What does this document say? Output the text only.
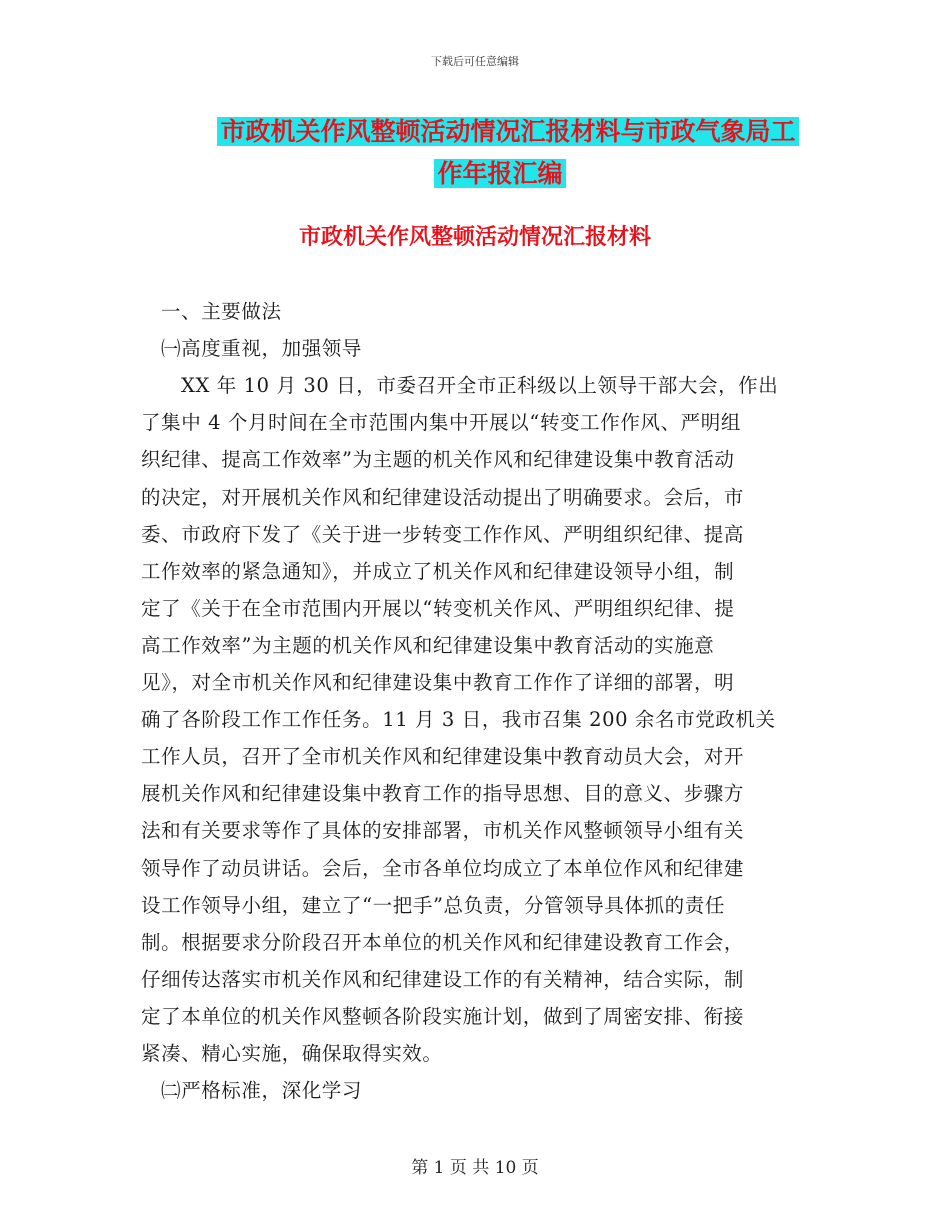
下载后可任意编辑
市政机关作风整顿活动情况汇报材料与市政气象局工
作年报汇编
市政机关作风整顿活动情况汇报材料
一、主要做法
㈠高度重视，加强领导
XX 年 10 月 30 日，市委召开全市正科级以上领导干部大会，作出
了集中 4 个月时间在全市范围内集中开展以“转变工作作风、严明组
织纪律、提高工作效率”为主题的机关作风和纪律建设集中教育活动
的决定，对开展机关作风和纪律建设活动提出了明确要求。会后，市
委、市政府下发了《关于进一步转变工作作风、严明组织纪律、提高
工作效率的紧急通知》，并成立了机关作风和纪律建设领导小组，制
定了《关于在全市范围内开展以“转变机关作风、严明组织纪律、提
高工作效率”为主题的机关作风和纪律建设集中教育活动的实施意
见》，对全市机关作风和纪律建设集中教育工作作了详细的部署，明
确了各阶段工作工作任务。11 月 3 日，我市召集 200 余名市党政机关
工作人员，召开了全市机关作风和纪律建设集中教育动员大会，对开
展机关作风和纪律建设集中教育工作的指导思想、目的意义、步骤方
法和有关要求等作了具体的安排部署，市机关作风整顿领导小组有关
领导作了动员讲话。会后，全市各单位均成立了本单位作风和纪律建
设工作领导小组，建立了“一把手”总负责，分管领导具体抓的责任
制。根据要求分阶段召开本单位的机关作风和纪律建设教育工作会，
仔细传达落实市机关作风和纪律建设工作的有关精神，结合实际，制
定了本单位的机关作风整顿各阶段实施计划，做到了周密安排、衔接
紧凑、精心实施，确保取得实效。
㈡严格标准，深化学习
第 1 页 共 10 页
